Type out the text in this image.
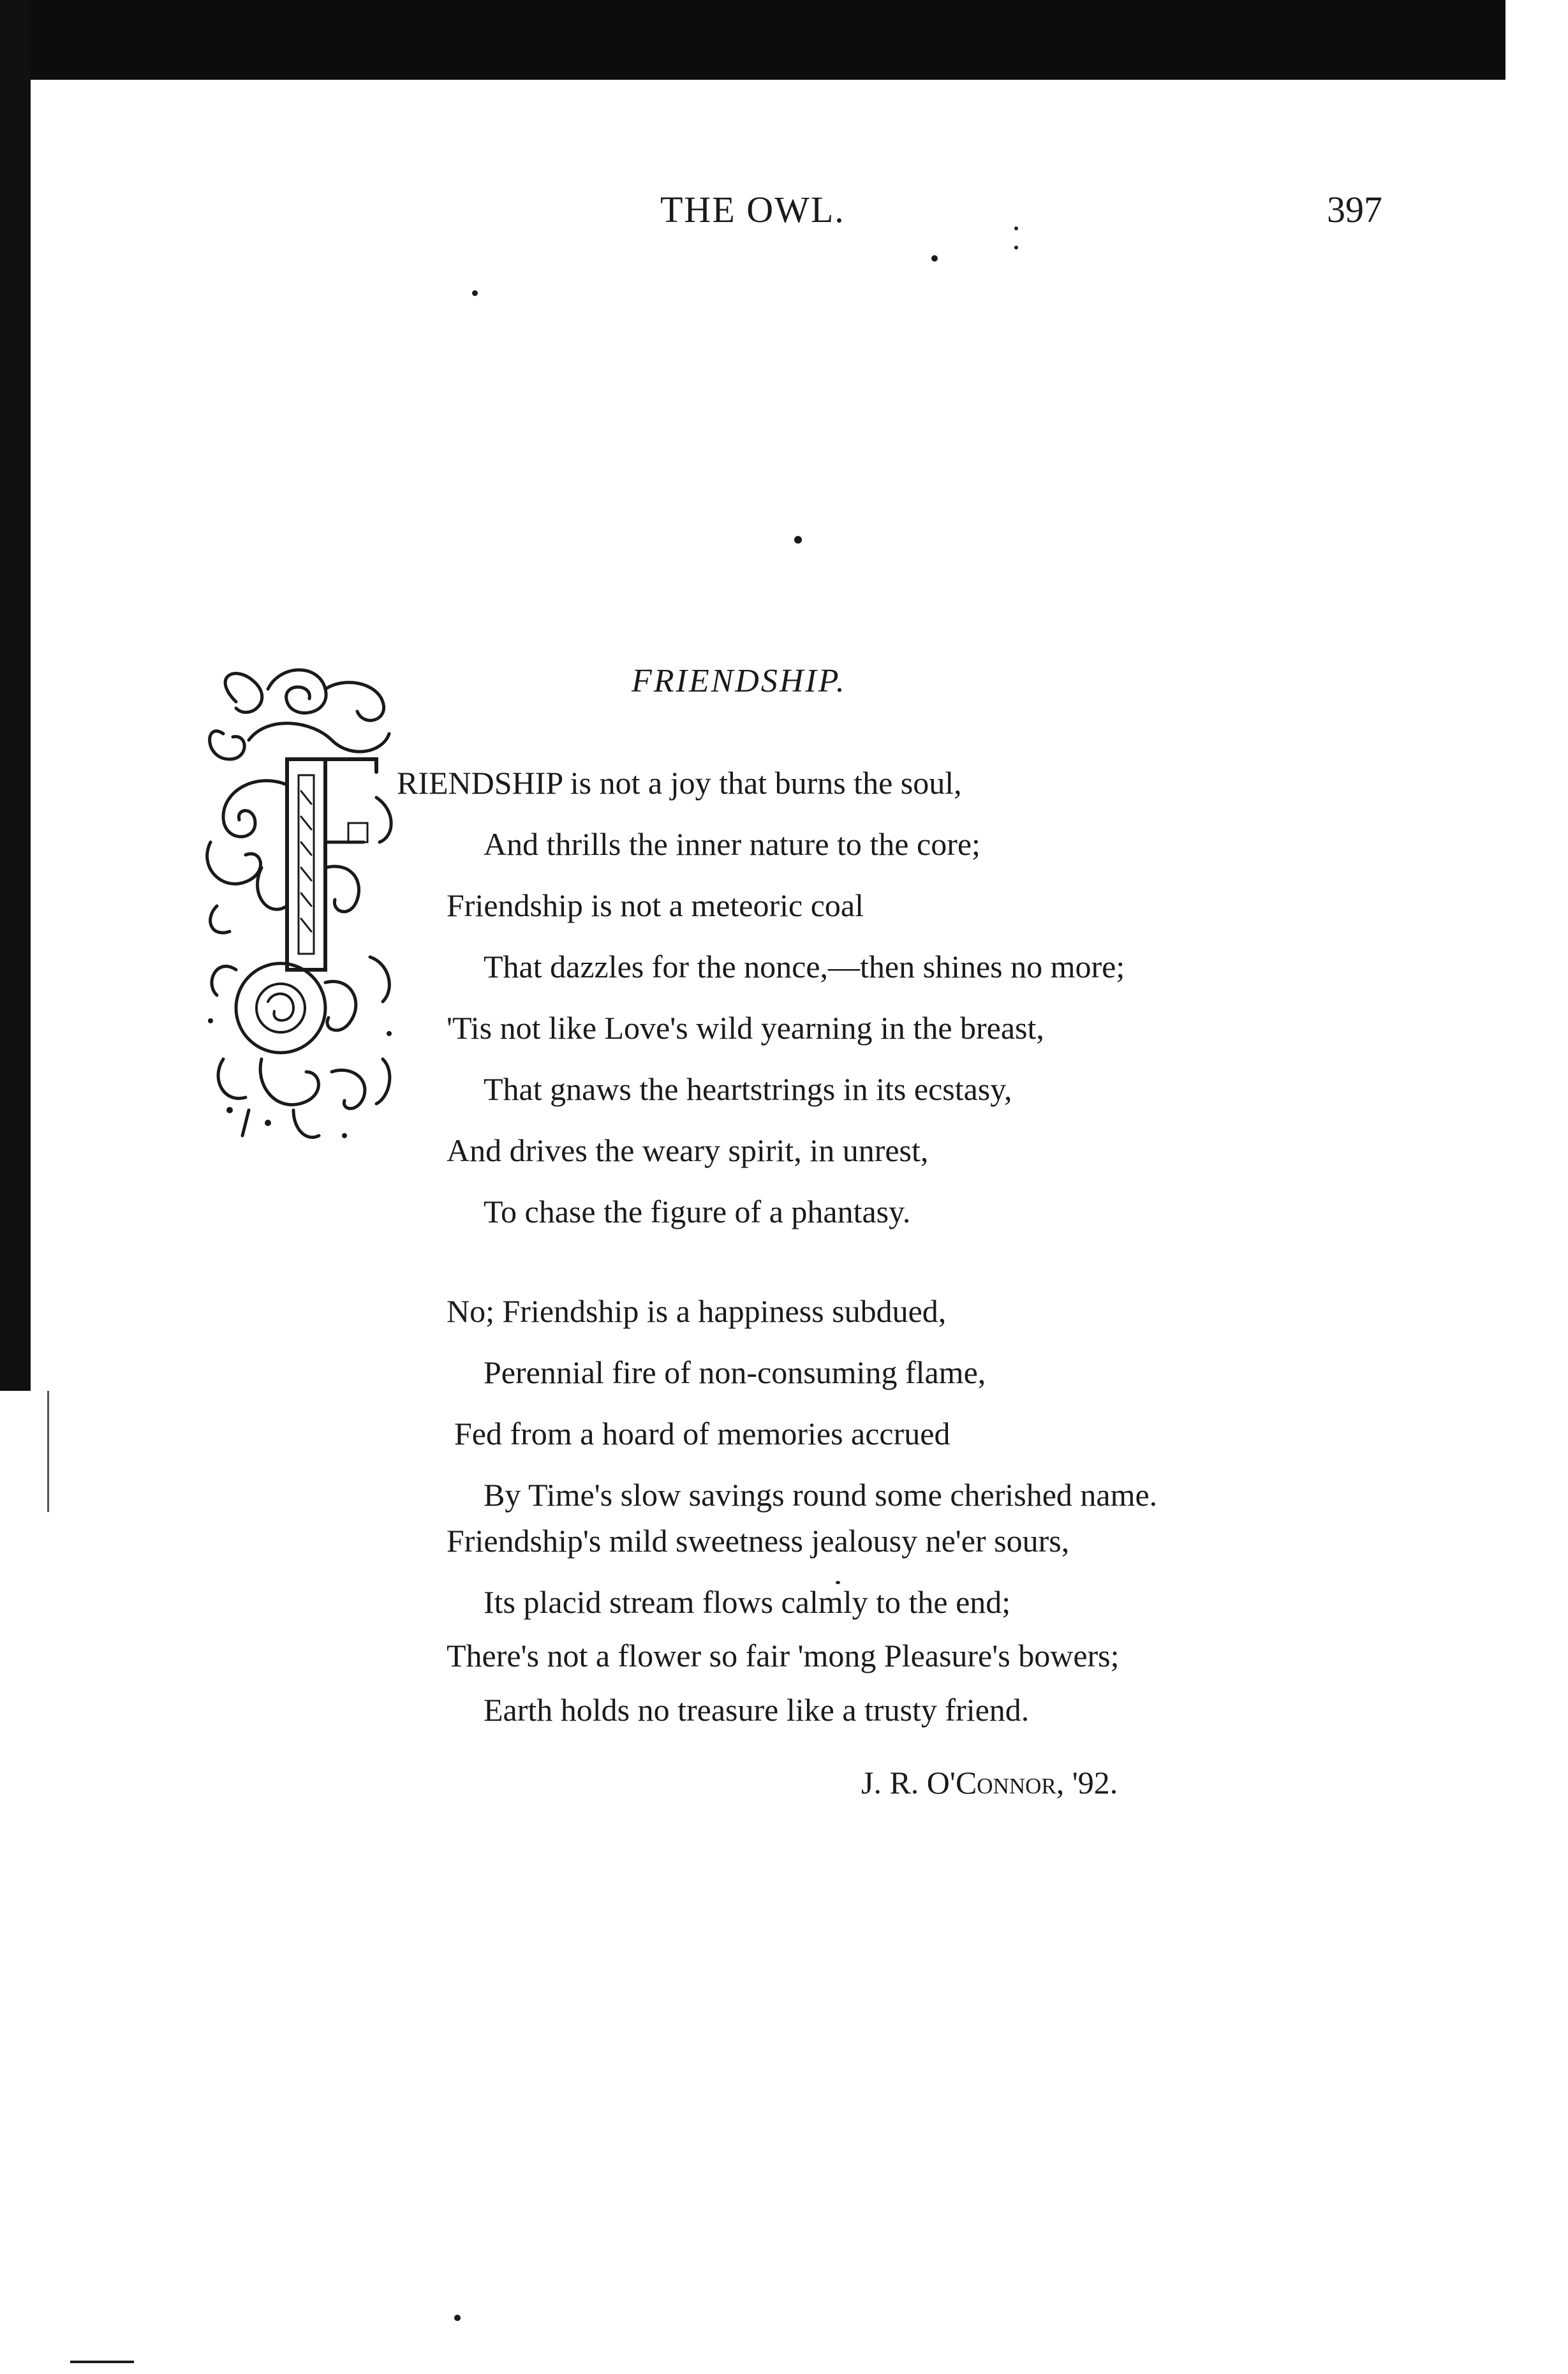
THE OWL.	397
FRIENDSHIP.
RIENDSHIP is not a joy that burns the soul,
And thrills the inner nature to the core;
Friendship is not a meteoric coal
That dazzles for the nonce,—then shines no more;
'Tis not like Love's wild yearning in the breast,
That gnaws the heartstrings in its ecstasy,
And drives the weary spirit, in unrest,
To chase the figure of a phantasy.
No; Friendship is a happiness subdued,
Perennial fire of non-consuming flame,
Fed from a hoard of memories accrued
By Time's slow savings round some cherished name.
Friendship's mild sweetness jealousy ne'er sours,
Its placid stream flows calmly to the end;
There's not a flower so fair 'mong Pleasure's bowers;
Earth holds no treasure like a trusty friend.
J. R. O'Connor, '92.
